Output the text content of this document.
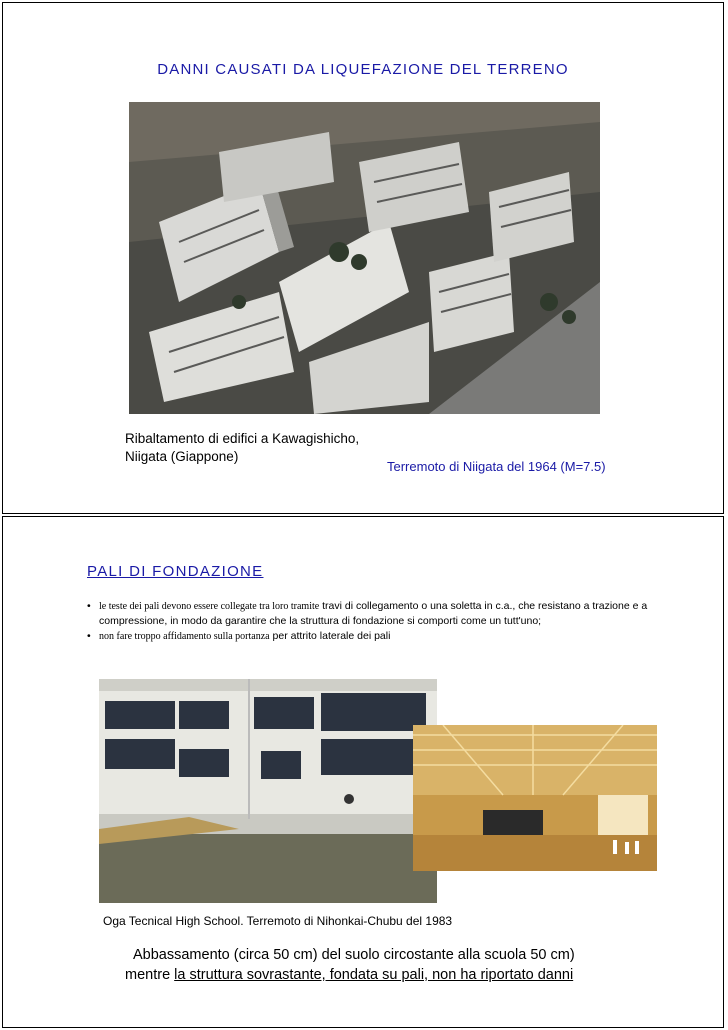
DANNI CAUSATI DA LIQUEFAZIONE DEL TERRENO
Ribaltamento di edifici a Kawagishicho,
Niigata (Giappone)
Terremoto di Niigata del 1964 (M=7.5)
PALI DI FONDAZIONE
• le teste dei pali devono essere collegate tra loro tramite travi di collegamento o una soletta in c.a., che resistano a trazione e a compressione, in modo da garantire che la struttura di fondazione si comporti come un tutt'uno;
• non fare troppo affidamento sulla portanza per attrito laterale dei pali
Oga Tecnical High School. Terremoto di Nihonkai-Chubu del 1983
Abbassamento (circa 50 cm) del suolo circostante alla scuola 50 cm)
mentre la struttura sovrastante, fondata su pali, non ha riportato danni
